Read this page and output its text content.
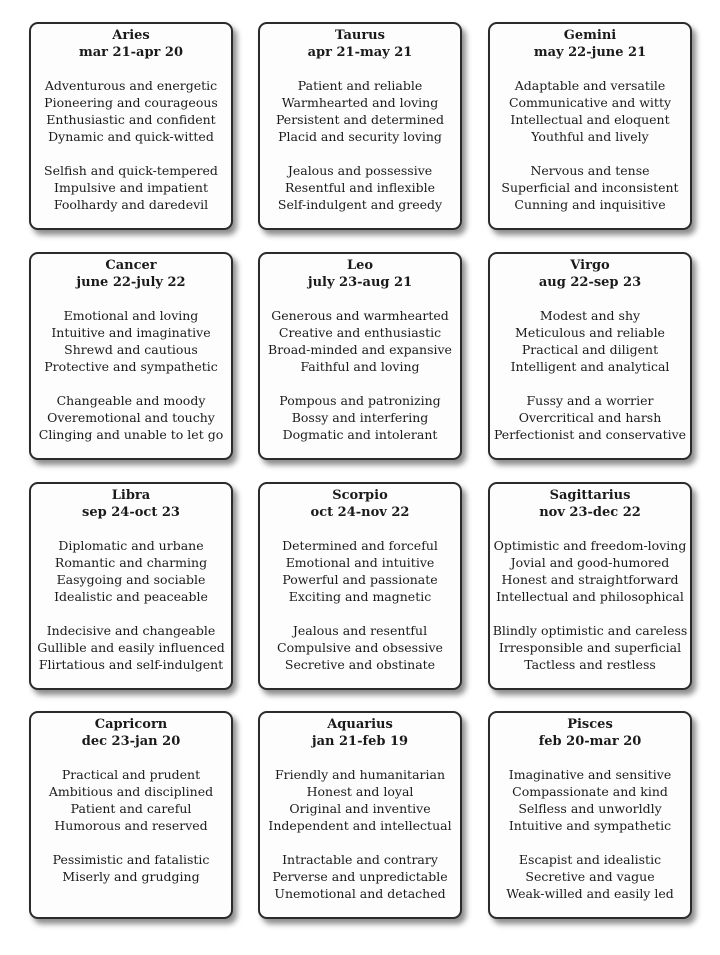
Aries
mar 21-apr 20
Adventurous and energetic
Pioneering and courageous
Enthusiastic and confident
Dynamic and quick-witted
Selfish and quick-tempered
Impulsive and impatient
Foolhardy and daredevil
Taurus
apr 21-may 21
Patient and reliable
Warmhearted and loving
Persistent and determined
Placid and security loving
Jealous and possessive
Resentful and inflexible
Self-indulgent and greedy
Gemini
may 22-june 21
Adaptable and versatile
Communicative and witty
Intellectual and eloquent
Youthful and lively
Nervous and tense
Superficial and inconsistent
Cunning and inquisitive
Cancer
june 22-july 22
Emotional and loving
Intuitive and imaginative
Shrewd and cautious
Protective and sympathetic
Changeable and moody
Overemotional and touchy
Clinging and unable to let go
Leo
july 23-aug 21
Generous and warmhearted
Creative and enthusiastic
Broad-minded and expansive
Faithful and loving
Pompous and patronizing
Bossy and interfering
Dogmatic and intolerant
Virgo
aug 22-sep 23
Modest and shy
Meticulous and reliable
Practical and diligent
Intelligent and analytical
Fussy and a worrier
Overcritical and harsh
Perfectionist and conservative
Libra
sep 24-oct 23
Diplomatic and urbane
Romantic and charming
Easygoing and sociable
Idealistic and peaceable
Indecisive and changeable
Gullible and easily influenced
Flirtatious and self-indulgent
Scorpio
oct 24-nov 22
Determined and forceful
Emotional and intuitive
Powerful and passionate
Exciting and magnetic
Jealous and resentful
Compulsive and obsessive
Secretive and obstinate
Sagittarius
nov 23-dec 22
Optimistic and freedom-loving
Jovial and good-humored
Honest and straightforward
Intellectual and philosophical
Blindly optimistic and careless
Irresponsible and superficial
Tactless and restless
Capricorn
dec 23-jan 20
Practical and prudent
Ambitious and disciplined
Patient and careful
Humorous and reserved
Pessimistic and fatalistic
Miserly and grudging
Aquarius
jan 21-feb 19
Friendly and humanitarian
Honest and loyal
Original and inventive
Independent and intellectual
Intractable and contrary
Perverse and unpredictable
Unemotional and detached
Pisces
feb 20-mar 20
Imaginative and sensitive
Compassionate and kind
Selfless and unworldly
Intuitive and sympathetic
Escapist and idealistic
Secretive and vague
Weak-willed and easily led
